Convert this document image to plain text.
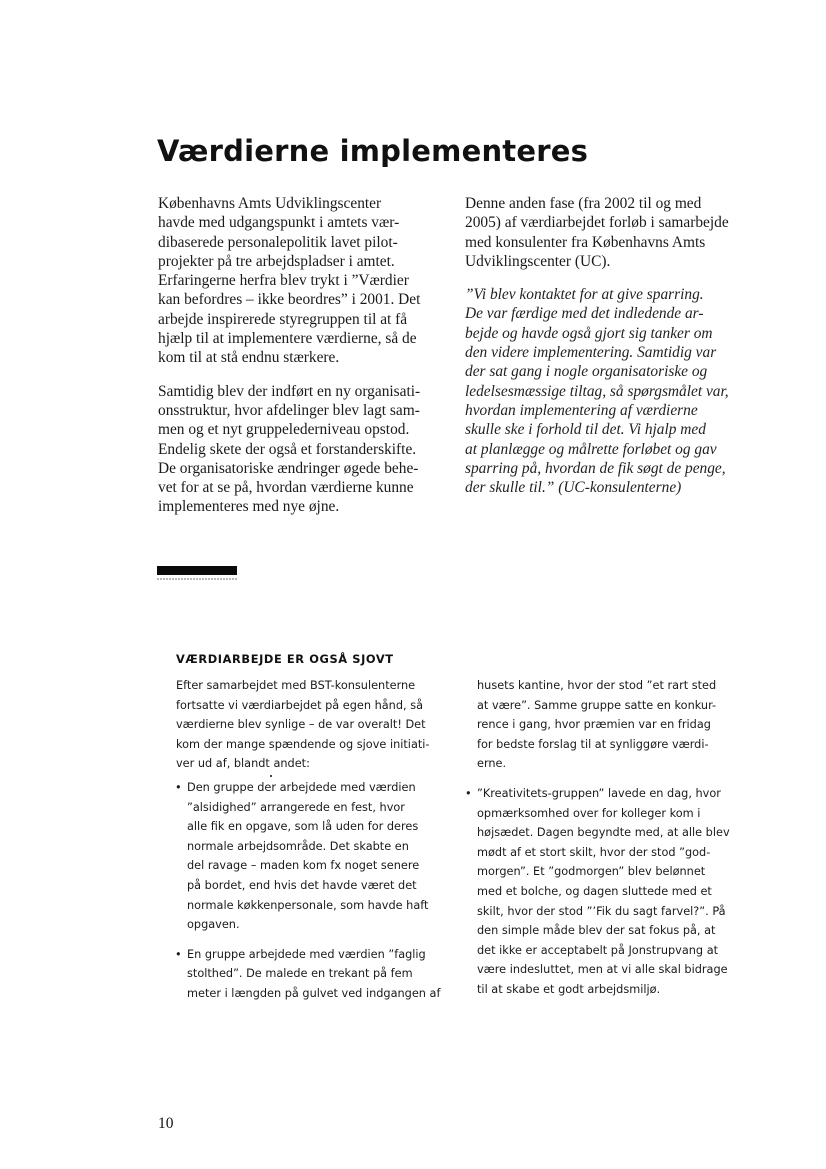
Værdierne implementeres

Københavns Amts Udviklingscenter
havde med udgangspunkt i amtets vær-
dibaserede personalepolitik lavet pilot-
projekter på tre arbejdspladser i amtet.
Erfaringerne herfra blev trykt i ”Værdier
kan befordres – ikke beordres” i 2001. Det
arbejde inspirerede styregruppen til at få
hjælp til at implementere værdierne, så de
kom til at stå endnu stærkere.

Samtidig blev der indført en ny organisati-
onsstruktur, hvor afdelinger blev lagt sam-
men og et nyt gruppelederniveau opstod.
Endelig skete der også et forstanderskifte.
De organisatoriske ændringer øgede behe-
vet for at se på, hvordan værdierne kunne
implementeres med nye øjne.

Denne anden fase (fra 2002 til og med
2005) af værdiarbejdet forløb i samarbejde
med konsulenter fra Københavns Amts
Udviklingscenter (UC).

”Vi blev kontaktet for at give sparring.
De var færdige med det indledende ar-
bejde og havde også gjort sig tanker om
den videre implementering. Samtidig var
der sat gang i nogle organisatoriske og
ledelsesmæssige tiltag, så spørgsmålet var,
hvordan implementering af værdierne
skulle ske i forhold til det. Vi hjalp med
at planlægge og målrette forløbet og gav
sparring på, hvordan de fik søgt de penge,
der skulle til.” (UC-konsulenterne)

VÆRDIARBEJDE ER OGSÅ SJOVT

Efter samarbejdet med BST-konsulenterne
fortsatte vi værdiarbejdet på egen hånd, så
værdierne blev synlige – de var overalt! Det
kom der mange spændende og sjove initiati-
ver ud af, blandt andet:

• Den gruppe der arbejdede med værdien
”alsidighed” arrangerede en fest, hvor
alle fik en opgave, som lå uden for deres
normale arbejdsområde. Det skabte en
del ravage – maden kom fx noget senere
på bordet, end hvis det havde været det
normale køkkenpersonale, som havde haft
opgaven.
• En gruppe arbejdede med værdien ”faglig
stolthed”. De malede en trekant på fem
meter i længden på gulvet ved indgangen af

husets kantine, hvor der stod ”et rart sted
at være”. Samme gruppe satte en konkur-
rence i gang, hvor præmien var en fridag
for bedste forslag til at synliggøre værdi-
erne.

• ”Kreativitets-gruppen” lavede en dag, hvor
opmærksomhed over for kolleger kom i
højsædet. Dagen begyndte med, at alle blev
mødt af et stort skilt, hvor der stod ”god-
morgen”. Et ”godmorgen” blev belønnet
med et bolche, og dagen sluttede med et
skilt, hvor der stod ”’Fik du sagt farvel?”. På
den simple måde blev der sat fokus på, at
det ikke er acceptabelt på Jonstrupvang at
være indesluttet, men at vi alle skal bidrage
til at skabe et godt arbejdsmiljø.
10
